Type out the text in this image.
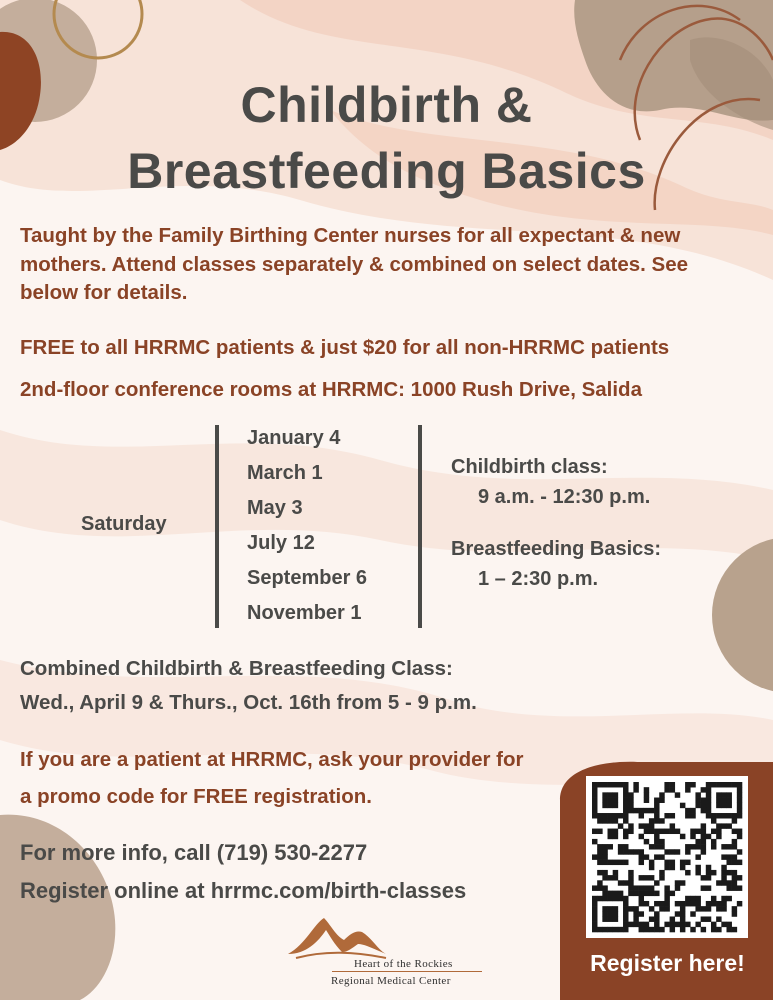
Childbirth &
Breastfeeding Basics
Taught by the Family Birthing Center nurses for all expectant & new mothers. Attend classes separately & combined on select dates. See below for details.
FREE to all HRRMC patients & just $20 for all non-HRRMC patients
2nd-floor conference rooms at HRRMC: 1000 Rush Drive, Salida
Saturday
January 4
March 1
May 3
July 12
September 6
November 1
Childbirth class:
9 a.m. - 12:30 p.m.
Breastfeeding Basics:
1 – 2:30 p.m.
Combined Childbirth & Breastfeeding Class:
Wed., April 9 & Thurs., Oct. 16th from 5 - 9 p.m.
If you are a patient at HRRMC, ask your provider for
a promo code for FREE registration.
For more info, call (719) 530-2277
Register online at hrrmc.com/birth-classes
Register here!
Heart of the Rockies
Regional Medical Center
